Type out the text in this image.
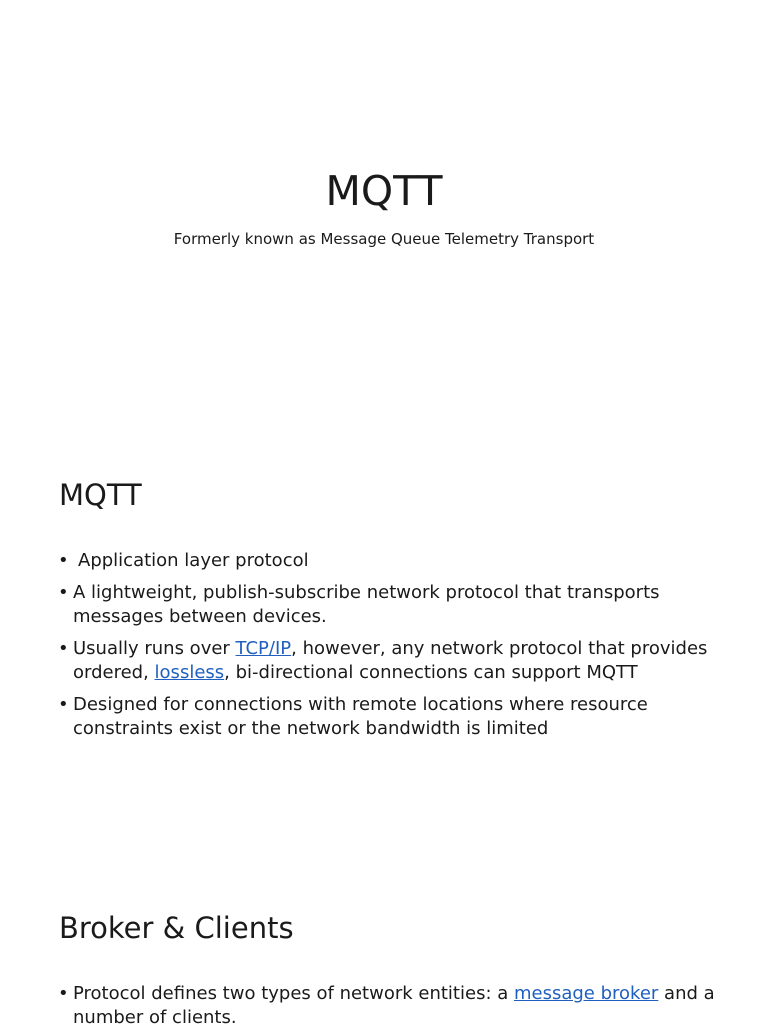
MQTT

Formerly known as Message Queue Telemetry Transport

MQTT
• Application layer protocol
• A lightweight, publish-subscribe network protocol that transports messages between devices.
• Usually runs over TCP/IP, however, any network protocol that provides ordered, lossless, bi-directional connections can support MQTT
• Designed for connections with remote locations where resource constraints exist or the network bandwidth is limited
Broker & Clients
• Protocol defines two types of network entities: a message broker and a number of clients.
